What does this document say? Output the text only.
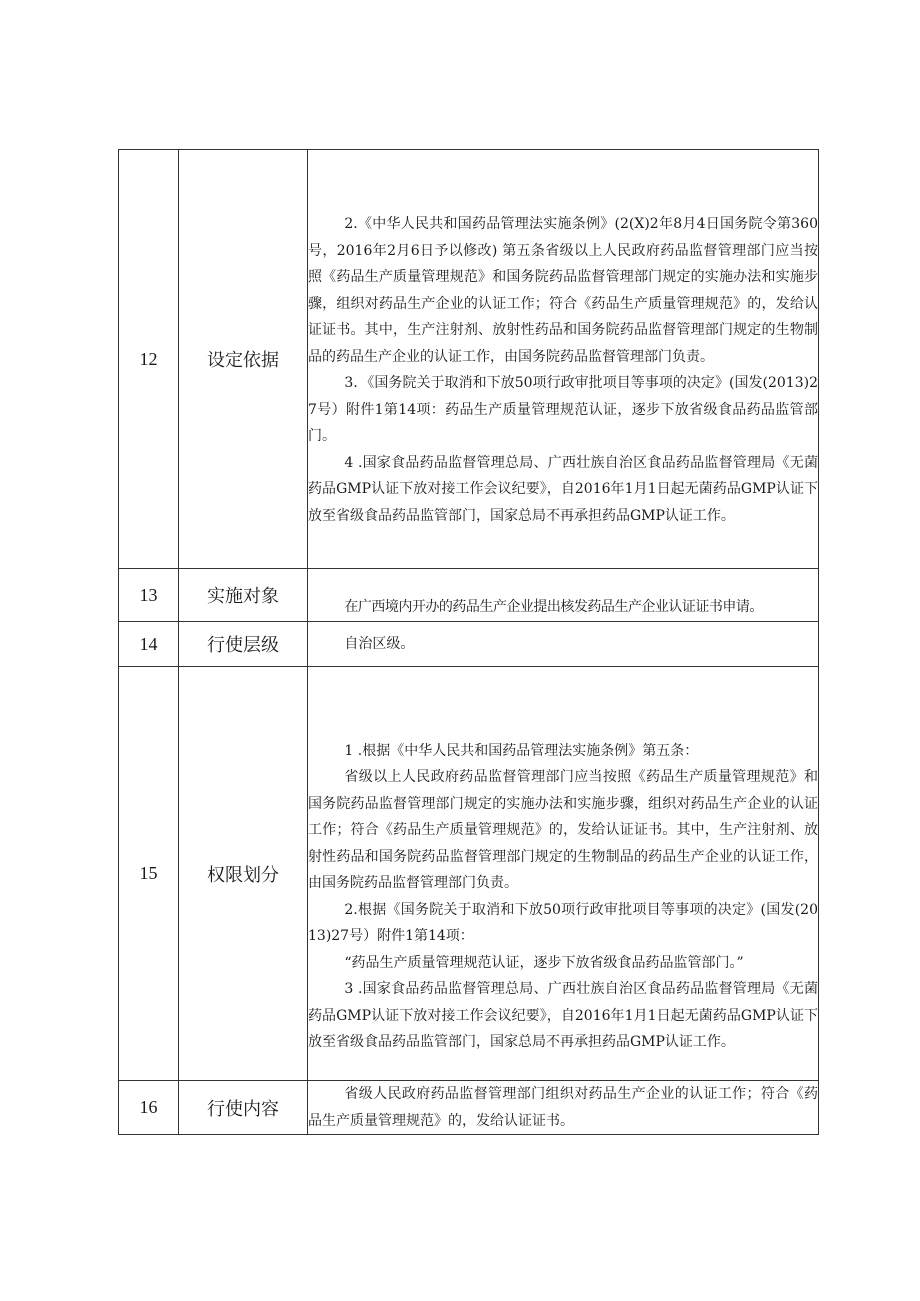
12	设定依据	2.《中华人民共和国药品管理法实施条例》(2(X)2年8月4日国务院令第360号，2016年2月6日予以修改) 第五条省级以上人民政府药品监督管理部门应当按照《药品生产质量管理规范》和国务院药品监督管理部门规定的实施办法和实施步骤，组织对药品生产企业的认证工作；符合《药品生产质量管理规范》的，发给认证证书。其中，生产注射剂、放射性药品和国务院药品监督管理部门规定的生物制品的药品生产企业的认证工作，由国务院药品监督管理部门负责。
3．《国务院关于取消和下放50项行政审批项目等事项的决定》(国发(2013)27号）附件1第14项：药品生产质量管理规范认证，逐步下放省级食品药品监管部门。
4 .国家食品药品监督管理总局、广西壮族自治区食品药品监督管理局《无菌药品GMP认证下放对接工作会议纪要》，自2016年1月1日起无菌药品GMP认证下放至省级食品药品监管部门，国家总局不再承担药品GMP认证工作。

13	实施对象	在广西境内开办的药品生产企业提出核发药品生产企业认证证书申请。

14	行使层级	自治区级。

15	权限划分	1 .根据《中华人民共和国药品管理法实施条例》第五条：
省级以上人民政府药品监督管理部门应当按照《药品生产质量管理规范》和国务院药品监督管理部门规定的实施办法和实施步骤，组织对药品生产企业的认证工作；符合《药品生产质量管理规范》的，发给认证证书。其中，生产注射剂、放射性药品和国务院药品监督管理部门规定的生物制品的药品生产企业的认证工作，由国务院药品监督管理部门负责。
2.根据《国务院关于取消和下放50项行政审批项目等事项的决定》(国发(2013)27号）附件1第14项：
“药品生产质量管理规范认证，逐步下放省级食品药品监管部门。”
3 .国家食品药品监督管理总局、广西壮族自治区食品药品监督管理局《无菌药品GMP认证下放对接工作会议纪要》，自2016年1月1日起无菌药品GMP认证下放至省级食品药品监管部门，国家总局不再承担药品GMP认证工作。

16	行使内容	省级人民政府药品监督管理部门组织对药品生产企业的认证工作；符合《药品生产质量管理规范》的，发给认证证书。
